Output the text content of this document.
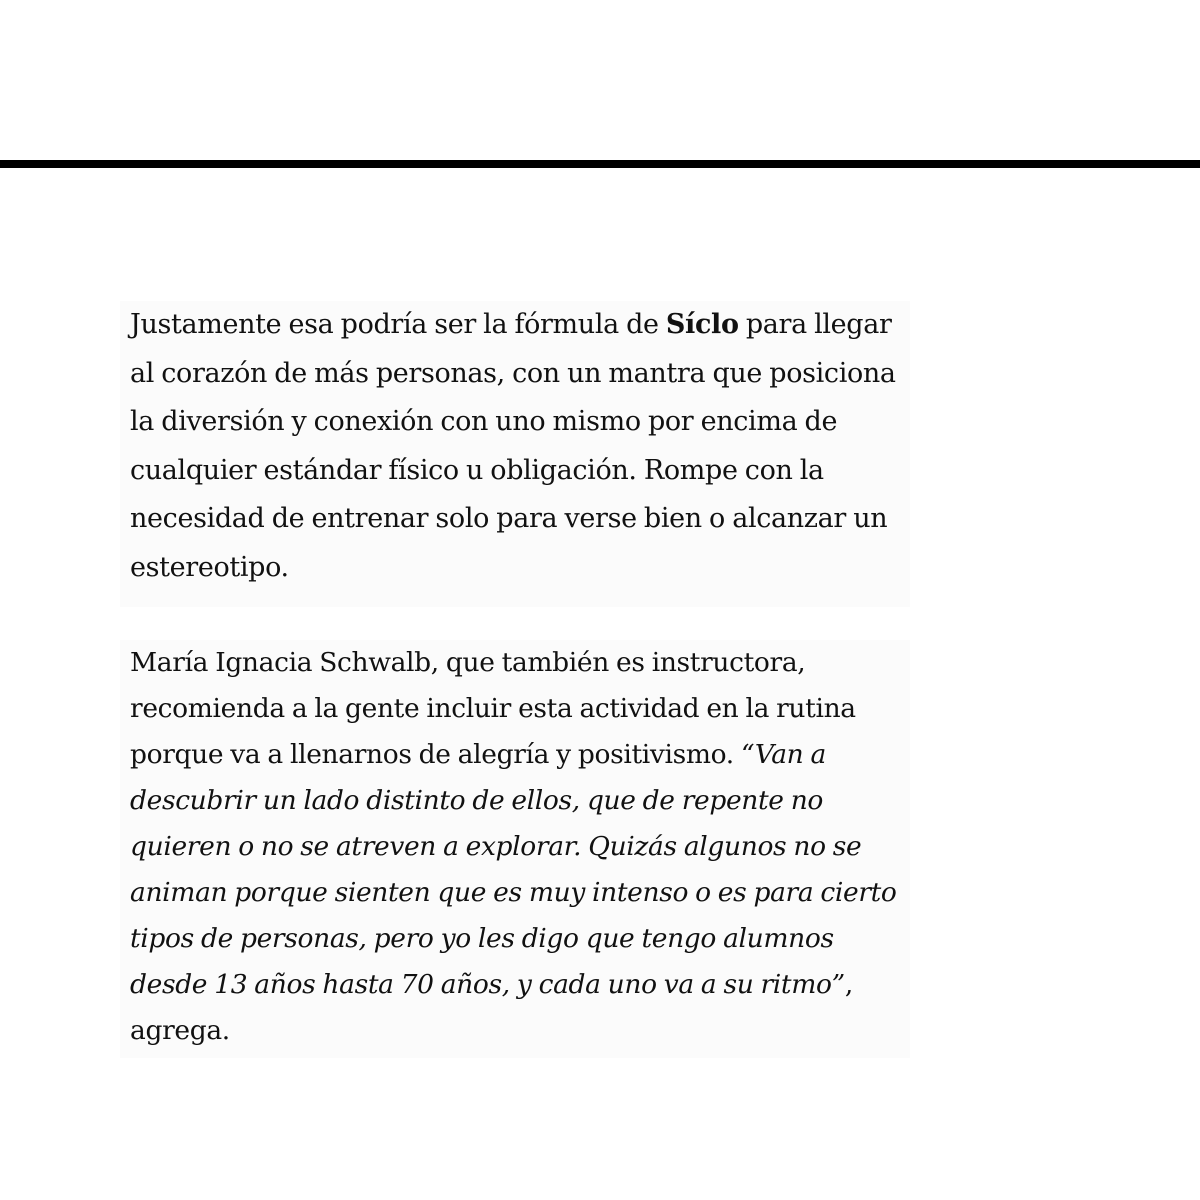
Justamente esa podría ser la fórmula de Síclo para llegar al corazón de más personas, con un mantra que posiciona la diversión y conexión con uno mismo por encima de cualquier estándar físico u obligación. Rompe con la necesidad de entrenar solo para verse bien o alcanzar un estereotipo.

María Ignacia Schwalb, que también es instructora, recomienda a la gente incluir esta actividad en la rutina porque va a llenarnos de alegría y positivismo. “Van a descubrir un lado distinto de ellos, que de repente no quieren o no se atreven a explorar. Quizás algunos no se animan porque sienten que es muy intenso o es para cierto tipos de personas, pero yo les digo que tengo alumnos desde 13 años hasta 70 años, y cada uno va a su ritmo”, agrega.
